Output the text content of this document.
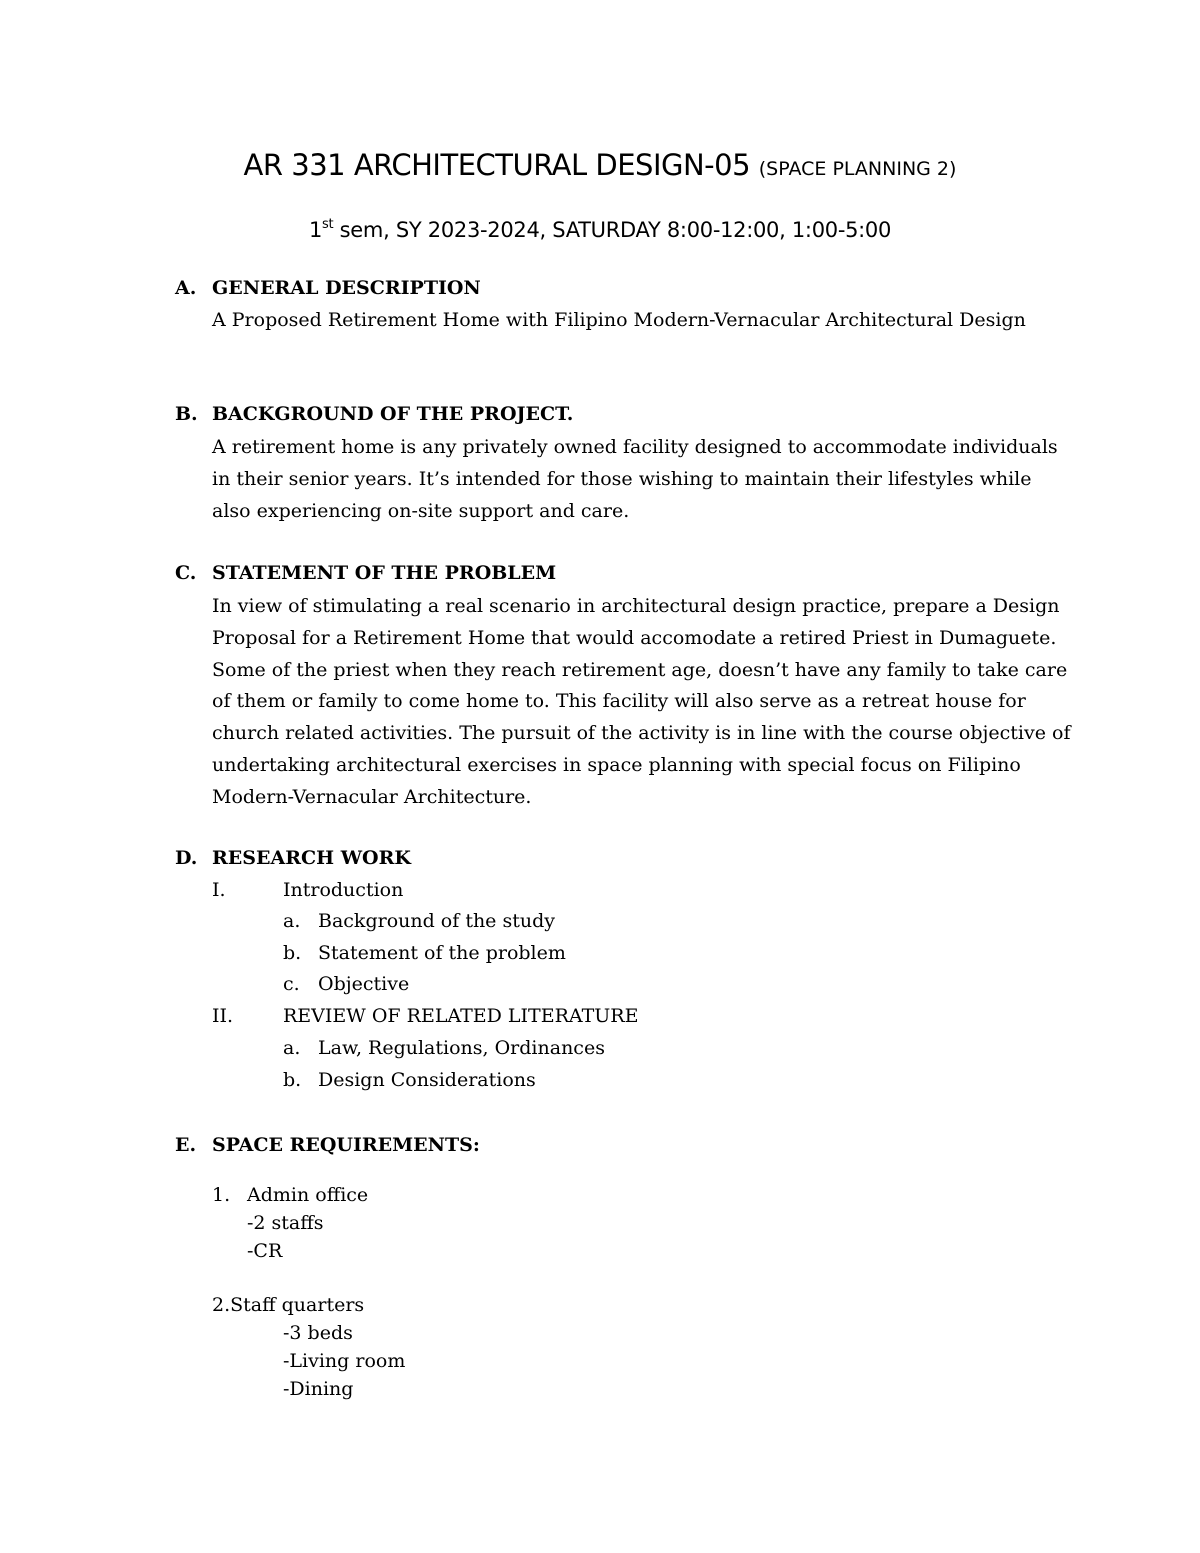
AR 331 ARCHITECTURAL DESIGN-05 (SPACE PLANNING 2)
1st sem, SY 2023-2024, SATURDAY 8:00-12:00, 1:00-5:00
A. GENERAL DESCRIPTION
A Proposed Retirement Home with Filipino Modern-Vernacular Architectural Design
B. BACKGROUND OF THE PROJECT.
A retirement home is any privately owned facility designed to accommodate individuals in their senior years. It’s intended for those wishing to maintain their lifestyles while also experiencing on-site support and care.
C. STATEMENT OF THE PROBLEM
In view of stimulating a real scenario in architectural design practice, prepare a Design Proposal for a Retirement Home that would accomodate a retired Priest in Dumaguete. Some of the priest when they reach retirement age, doesn’t have any family to take care of them or family to come home to. This facility will also serve as a retreat house for church related activities. The pursuit of the activity is in line with the course objective of undertaking architectural exercises in space planning with special focus on Filipino Modern-Vernacular Architecture.
D. RESEARCH WORK
I.	Introduction
a. Background of the study
b. Statement of the problem
c. Objective
II.	REVIEW OF RELATED LITERATURE
a. Law, Regulations, Ordinances
b. Design Considerations
E. SPACE REQUIREMENTS:
1. Admin office
-2 staffs
-CR
2.Staff quarters
-3 beds
-Living room
-Dining
